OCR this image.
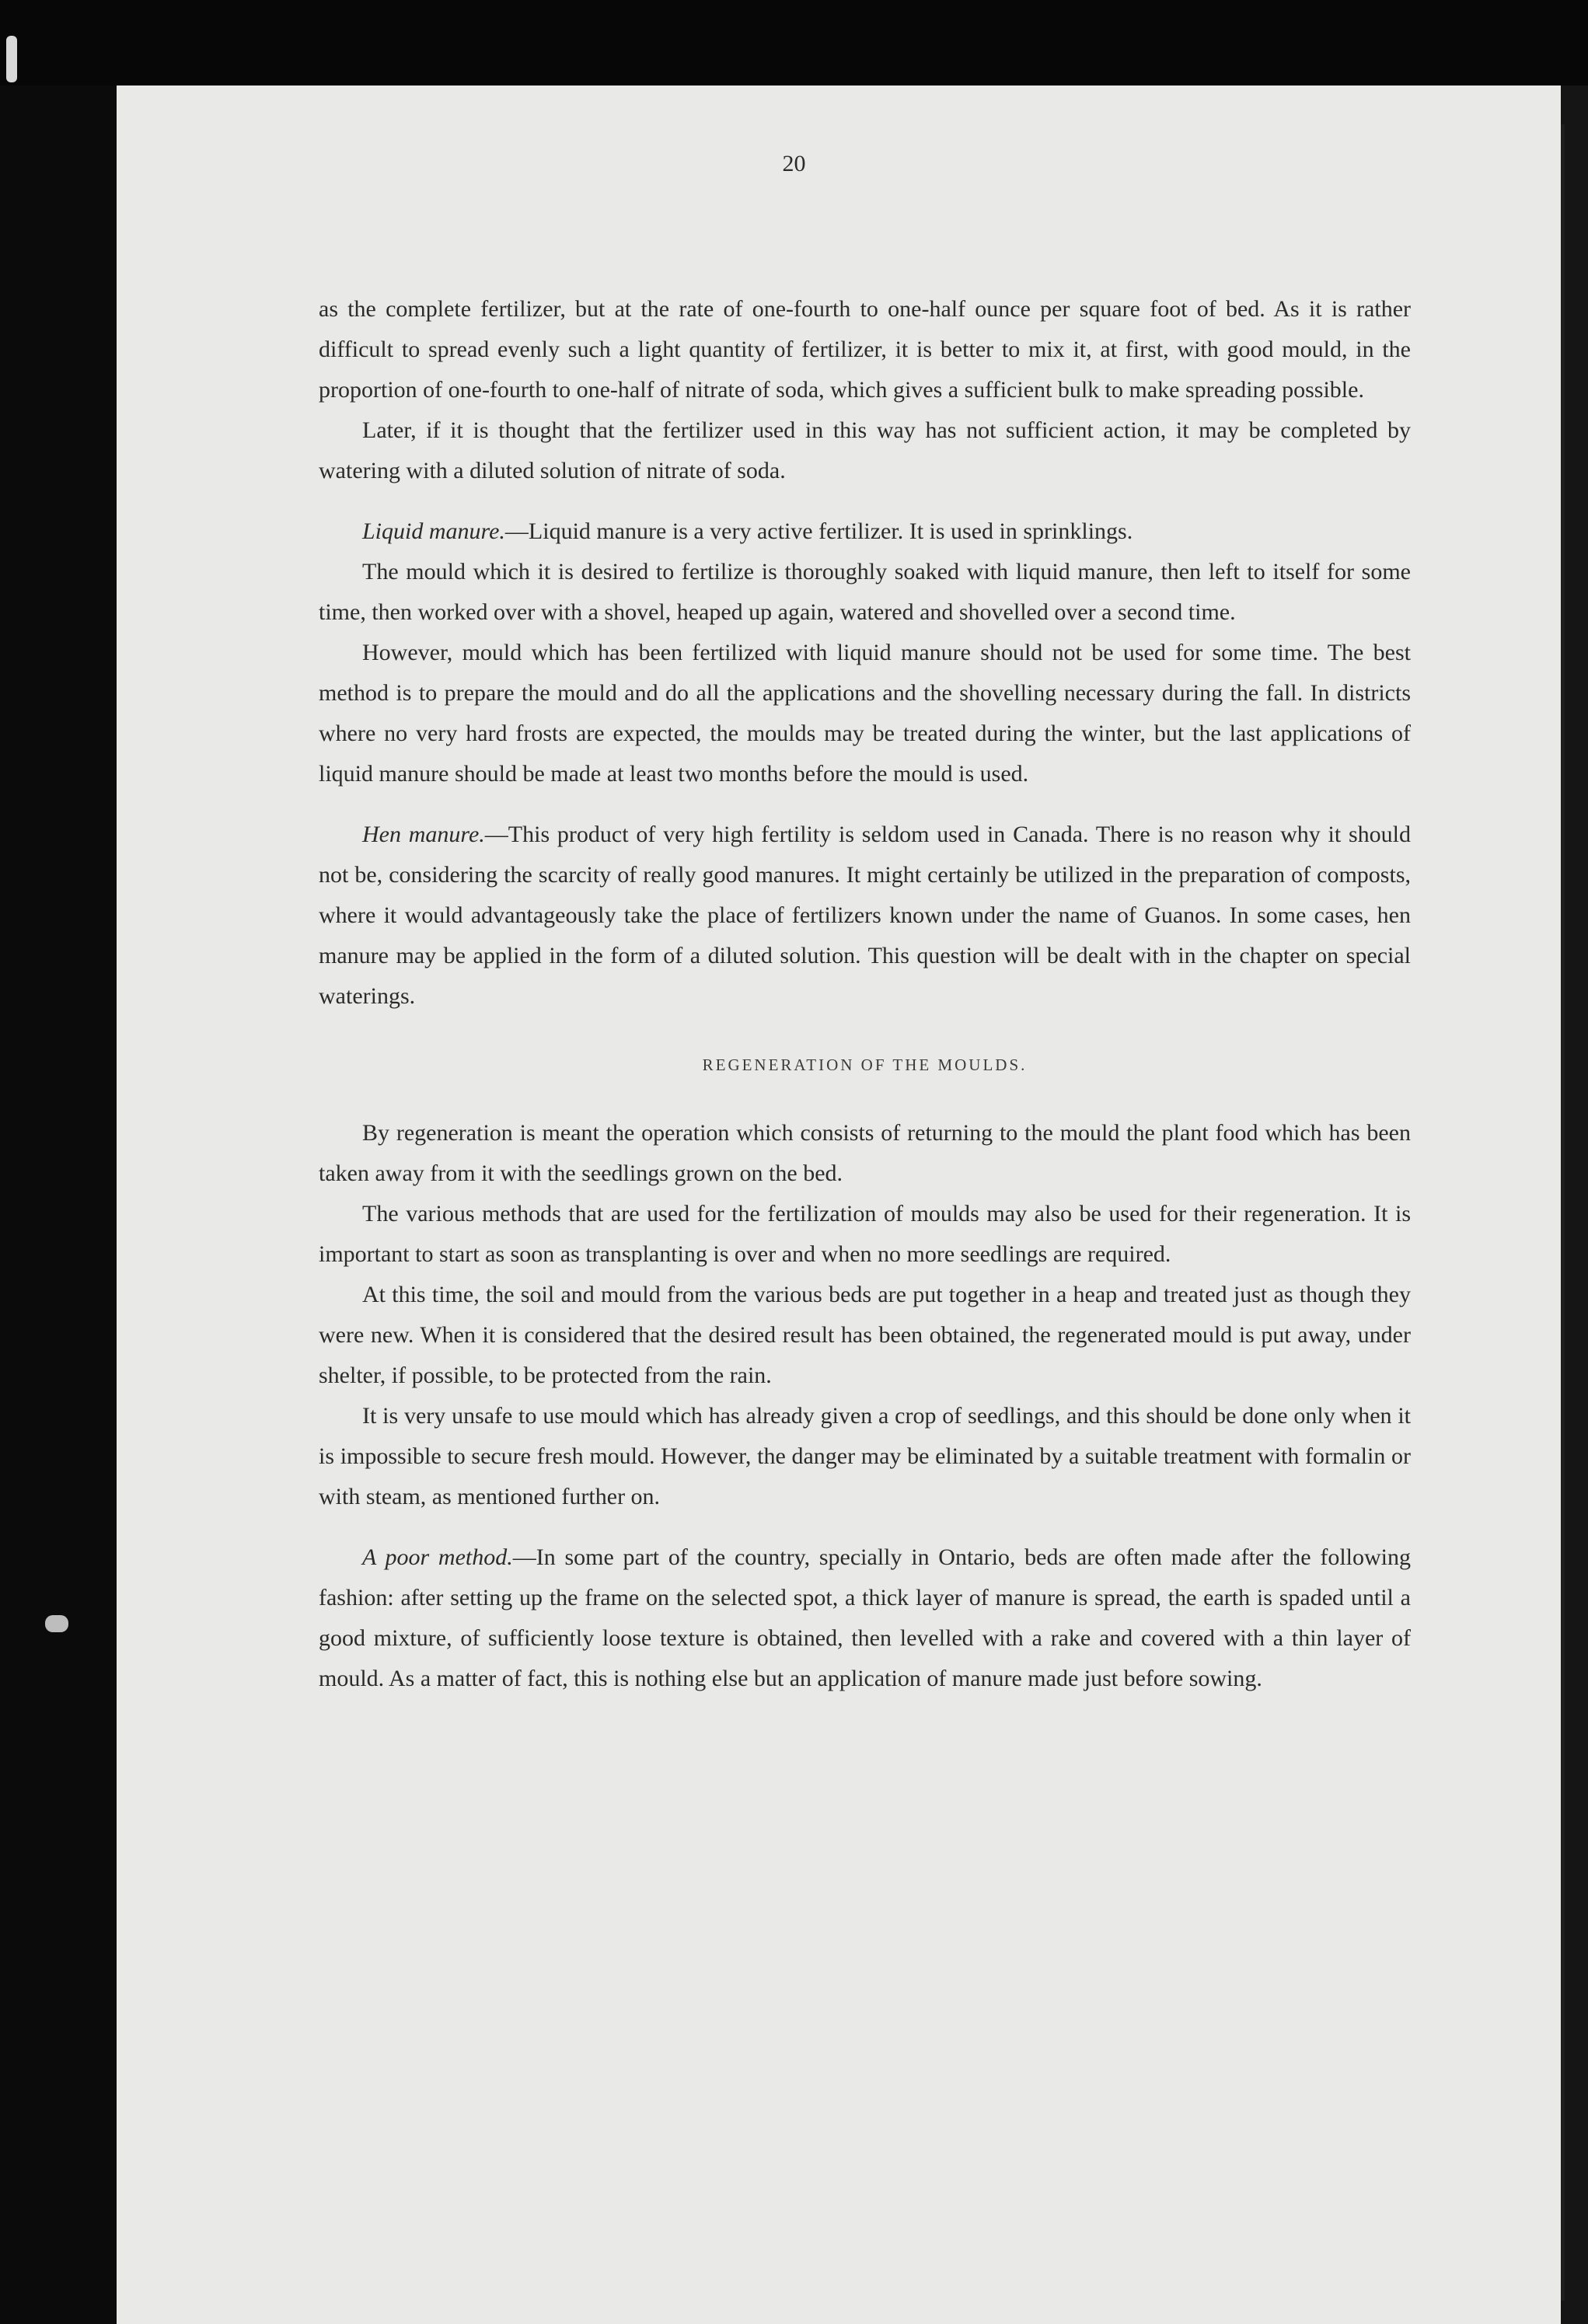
20

as the complete fertilizer, but at the rate of one-fourth to one-half ounce per square foot of bed. As it is rather difficult to spread evenly such a light quantity of fertilizer, it is better to mix it, at first, with good mould, in the proportion of one-fourth to one-half of nitrate of soda, which gives a sufficient bulk to make spreading possible.

Later, if it is thought that the fertilizer used in this way has not sufficient action, it may be completed by watering with a diluted solution of nitrate of soda.

Liquid manure.—Liquid manure is a very active fertilizer. It is used in sprinklings.

The mould which it is desired to fertilize is thoroughly soaked with liquid manure, then left to itself for some time, then worked over with a shovel, heaped up again, watered and shovelled over a second time.

However, mould which has been fertilized with liquid manure should not be used for some time. The best method is to prepare the mould and do all the applications and the shovelling necessary during the fall. In districts where no very hard frosts are expected, the moulds may be treated during the winter, but the last applications of liquid manure should be made at least two months before the mould is used.

Hen manure.—This product of very high fertility is seldom used in Canada. There is no reason why it should not be, considering the scarcity of really good manures. It might certainly be utilized in the preparation of composts, where it would advantageously take the place of fertilizers known under the name of Guanos. In some cases, hen manure may be applied in the form of a diluted solution. This question will be dealt with in the chapter on special waterings.

REGENERATION OF THE MOULDS.

By regeneration is meant the operation which consists of returning to the mould the plant food which has been taken away from it with the seedlings grown on the bed.

The various methods that are used for the fertilization of moulds may also be used for their regeneration. It is important to start as soon as transplanting is over and when no more seedlings are required.

At this time, the soil and mould from the various beds are put together in a heap and treated just as though they were new. When it is considered that the desired result has been obtained, the regenerated mould is put away, under shelter, if possible, to be protected from the rain.

It is very unsafe to use mould which has already given a crop of seedlings, and this should be done only when it is impossible to secure fresh mould. However, the danger may be eliminated by a suitable treatment with formalin or with steam, as mentioned further on.

A poor method.—In some part of the country, specially in Ontario, beds are often made after the following fashion: after setting up the frame on the selected spot, a thick layer of manure is spread, the earth is spaded until a good mixture, of sufficiently loose texture is obtained, then levelled with a rake and covered with a thin layer of mould. As a matter of fact, this is nothing else but an application of manure made just before sowing.
